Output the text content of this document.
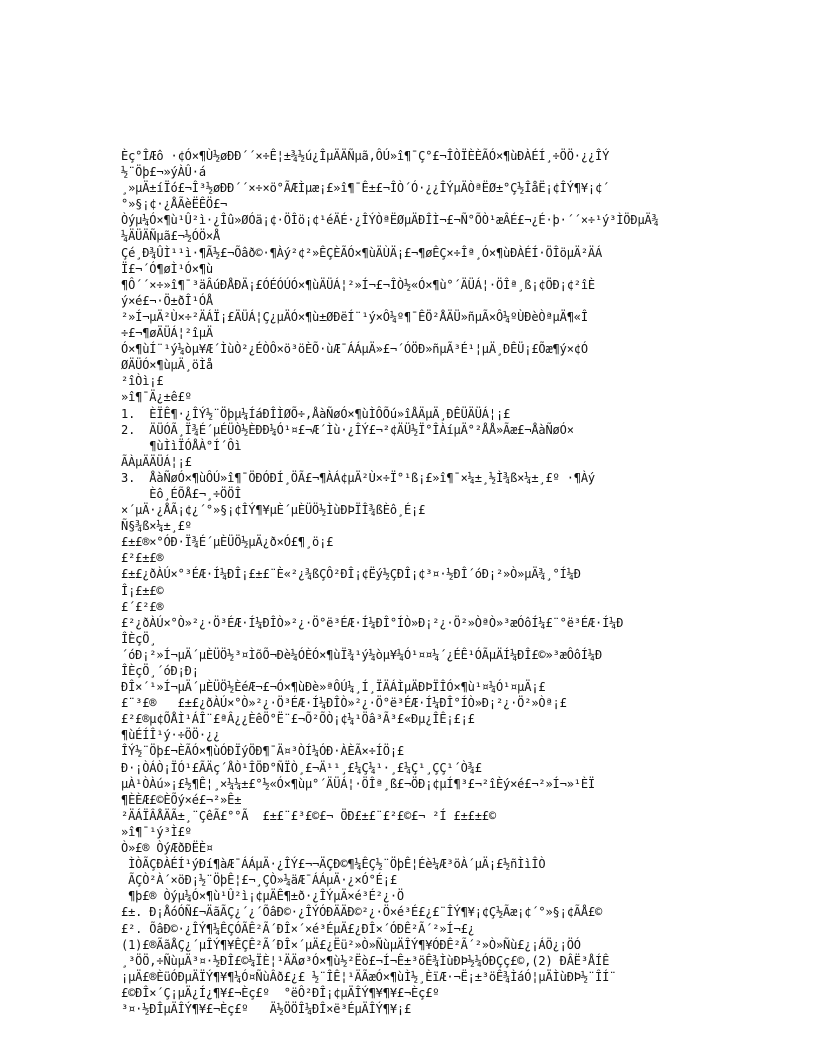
Èç°ÎÆô ·¢Ó×¶Ù½øÐÐ´´×÷Ê¦±¾½ú¿ÎµÄÄÑµã,ÔÚ»î¶¯Ç°£¬ÎÒÏÈÈÃÓ×¶ùÐÀÉÍ¸÷ÖÖ·¿¿ÎÝ
½¨Öþ£¬»ýÀÛ·á
¸»µÄ±íÏó£¬Î³½øÐÐ´´×÷×ö°ÃÆÌµæ¡£»î¶¯Ê±£¬ÎÒ´Ó·¿¿ÎÝµÄÒªËØ±°Ç½ÎåË¡¢ÎÝ¶¥¡¢´
°»§¡¢·¿ÅÃèËÊÖ£¬
Òýµ¼Ó×¶ù¹Û²ì·¿Îû»ØÓä¡¢·ÖÎö¡¢¹éÄÉ·¿ÎÝÒªËØµÄÐÎÌ¬£¬Ñ°ÕÒ¹æÂÉ£¬¿É·þ·´´×÷¹ý³ÌÖÐµÄ¾
¼ÄÜÄÑµã£¬½ÓÖ×Å
Çé¸Ð¾ÛÌ¹¹ì·¶Ã½£¬Õâð©·¶Àý²¢²»ÊÇÈÃÓ×¶ùÄÙÄ¡£¬¶øÊÇ×÷Îª¸Ó×¶ùÐÀÉÍ·ÖÎöµÄ²ÄÁ
Ï£¬´Ó¶øÌ¹Ó×¶ù
¶Ô´´×÷»î¶¯³äÂúÐÅÐÄ¡£ÓÉÓÚÓ×¶ùÄÜÁ¦²»Í¬£¬ÎÒ½«Ó×¶ù°´ÄÜÁ¦·ÖÎª¸ß¡¢ÖÐ¡¢²îÈ
ý×é£¬·Ö±ðÎ¹ÓÅ
²»Í¬µÄ²Ù×÷²ÄÁÏ¡£ÄÜÁ¦Ç¿µÄÓ×¶ù±ØÐëÍ¨¹ý×Ô¼º¶¯ÊÖ²ÅÄÜ»ñµÃ×Ô¼ºÙÐèÒªµÄ¶«Î
÷£¬¶øÄÜÁ¦²îµÄ
Ó×¶ùÍ¨¹ý¼òµ¥Æ´ÌùÒ²¿ÉÒÔ×ö³öÈÕ·ùÆ¯ÁÁµÄ»£¬´ÓÖÐ»ñµÃ³É¹¦µÄ¸ÐÊÜ¡£Õæ¶ý×¢Ó
ØÄÜÓ×¶ùµÄ¸öÌå
²îÒì¡£
»î¶¯Ä¿±ê£º
1.  ÈÏÊ¶·¿ÎÝ½¨Öþµ¼ÍáÐÎÌØÕ÷,ÅàÑøÓ×¶ùÌÔÕú»îÅÄµÄ¸ÐÊÜÄÜÁ¦¡£
2.  ÄÜÓÃ¸Ï¾É´µÉÜÒ½ÈÐÐ¼Ó¹¤£¬Æ´Ìù·¿ÎÝ£¬²¢ÄÜ½Ï°ÎÀíµÄ°²ÅÅ»Ãæ£¬ÅàÑøÓ×
¶ùÌìÏÓÅÀ°Í´Ôì
ÃÀµÄÄÜÁ¦¡£
3.  ÅàÑøÓ×¶ùÔÚ»î¶¯ÖÐÓÐÍ¸ÖÃ£¬¶ÀÁ¢µÄ²Ù×÷Ï°¹ß¡£»î¶¯×¼±¸½Ì¾ß×¼±¸£º ·¶Àý
Èô¸ÉÕÅ£¬¸÷ÖÖÎ
×´µÄ·¿ÅÃ¡¢¿´°»§¡¢ÎÝ¶¥µÈ´µÈÜÖ½ÌùÐÞÏÎ¾ßÈô¸É¡£
Ñ§¾ß×¼±¸£º
£±£®×°ÓÐ·Ï¾É´µÈÜÖ½µÄ¿ð×Ó£¶¸ö¡£
£²£±£®
£±£¿ðÀÚ×°³ÉÆ·Í¼ÐÎ¡£±£¨È«²¿¾ßÇÔ²ÐÎ¡¢Ëý½ÇÐÎ¡¢³¤·½ÐÎ´óÐ¡²»Ò»µÄ¾¸°Í¼Ð
Î¡£±£©
£´£²£®
£²¿ðÀÚ×°Ò»²¿·Ö³ÉÆ·Í¼ÐÎÒ»²¿·Ö°ë³ÉÆ·Í¼ÐÎ°ÍÒ»Ð¡²¿·Ö²»ÒªÒ»³æÓôÍ¼£¨°ë³ÉÆ·Í¼Ð
ÎÈçÖ¸
´óÐ¡²»Í¬µÄ´µÈÜÖ½³¤ÌõÕ¬Ðè¼ÓÈÓ×¶ùÏ¾¹ý¼òµ¥¼Ó¹¤¤¼´¿ÉÊ¹ÓÃµÄÍ¼ÐÎ£©»³æÔôÍ¼Ð
ÎÈçÖ¸´óÐ¡Ð¡
ÐÎ×´¹»Í¬µÄ´µÈÜÖ½ÈéÆ¬£¬Ó×¶ùÐè»ªÔÚ¼¸Í¸ÏÄÁÌµÄÐÞÏÎÓ×¶ù¹¤¼Ó¹¤µÄ¡£
£¨³£®   £±£¿ðÀÚ×°Ò»²¿·Ö³ÉÆ·Í¼ÐÎÒ»²¿·Ö°ë³ÉÆ·Í¼ÐÎ°ÍÒ»Ð¡²¿·Ö²»Òª¡£
£²£®µ¢ÕÅÌ¹ÁÎ¨£ªÂ¿¿ÈêÖ°Ë¨£¬Õ²ÕÒ¡¢¼¹Öâ³Ã³£«Ðµ¿ÎÊ¡£¡£
¶ùÉÍÎ¹ý·÷ÖÖ·¿¿
ÎÝ½¨Öþ£¬ÈÃÓ×¶ùÓÐÏýÖÐ¶¯Ä¤³ÒÍ¼ÓÐ·ÀÈÃ×÷ÍÖ¡£
Ð·¡ÒÁÒ¡ÏÓ¹£ÃÄç´ÅÒ¹ÎÖÐ°ÑÏÒ¸£¬Ä¹¹¸£¼Ç¼¹·¸£¼Ç¹¸ÇÇ¹´Ò¾£
µÀ¹ÒÀú»¡£½¶Ê¦¸×¼¼±£°½«Ó×¶ùµ°´ÄÜÁ¦·ÖÎª¸ß£¬ÖÐ¡¢µÍ¶³£¬²îÈý×é£¬²»Í¬»¹ÈÏ
¶ÈÈÆ£©ÈÕý×é£¬²»Ê±
²ÄÁÏÂÅÄÃ±¸¨ÇêÃ£°°Ã  £±£¨£³£©£¬ ÖÐ£±£¨£²£©£¬ ²Í £±£±£©
»î¶¯¹ý³Ì£º
Ò»£® ÒýÆðÐËÈ¤
ÌÒÃÇÐÀÉÍ¹ýÐí¶àÆ¯ÁÁµÄ·¿ÎÝ£¬¬ÄÇÐ©¶¼ÊÇ½¨ÖþÊ¦Éè¼Æ³öÀ´µÄ¡£½ñÌìÎÒ
ÃÇÒ²À´×öÐ¡½¨ÖþÊ¦£¬¸ÇÒ»¼äÆ¯ÁÁµÄ·¿×Ó°É¡£
¶þ£® Òýµ¼Ó×¶ù¹Û²ì¡¢µÄÊ¶±ð·¿ÎÝµÄ×é³É²¿·Ö
£±. Ð¡ÅóÓÑ£¬ÄãÃÇ¿´¿´ÕâÐ©·¿ÎÝÓÐÄÄÐ©²¿·Ö×é³É£¿£¨ÎÝ¶¥¡¢Ç½Ãæ¡¢´°»§¡¢ÃÅ£©
£². ÕâÐ©·¿ÎÝ¶¼ÊÇÓÃÊ²Ã´ÐÎ×´×é³ÉµÄ£¿ÐÎ×´ÓÐÊ²Ã´²»Í¬£¿
(1)£®ÃãÅÇ¿´µÎÝ¶¥ÊÇÊ²Ã´ÐÎ×´µÄ£¿Ëü²»Ò»ÑùµÄÎÝ¶¥ÓÐÊ²Ã´²»Ò»Ñù£¿¡ÁÖ¿¡ÖÓ
¸³ÖÖ,÷ÑùµÄ³¤·½ÐÎ£©¼ÏÈ¦¹ÄÄø³Ó×¶ù½²Ëò£¬Í¬Ê±³öÊ¾ÌùÐÞ½¼ÓÐÇç£©,(2) ÐÂË³ÅÍÊ
¡µÄ£®ÈüÓÐµÄÏÝ¶¥¶¼Ó¤ÑùÂð£¿£ ½¨ÎÊ¦¹ÄÃæÓ×¶ùÌ½¸ÈïÆ·¬Ë¡±³öÊ¾ÌáÓ¦µÄÌùÐÞ½¨ÎÍ¨
£©ÐÎ×´Ç¡µÄ¿Í¿¶¥£¬Èç£º  °ëÔ²ÐÎ¡¢µÄÎÝ¶¥¶¥£¬Èç£º
³¤·½ÐÎµÄÎÝ¶¥£¬Èç£º   Ä½ÖÖÎ¼ÐÎ×ë³ÉµÄÎÝ¶¥¡£
